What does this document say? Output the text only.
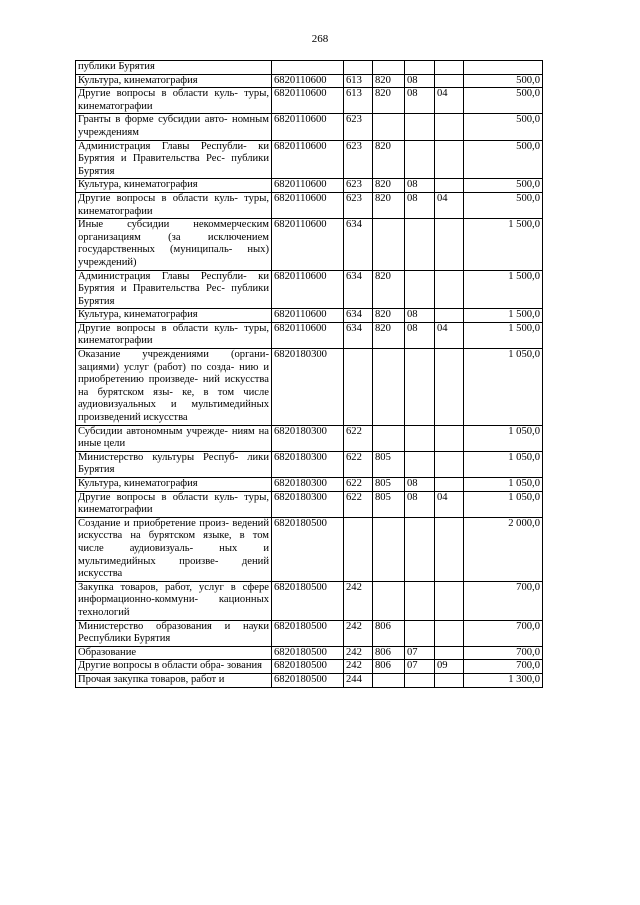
268
публики Бурятия						
Культура, кинематография	6820110600	613	820	08		500,0
Другие вопросы в области куль- туры, кинематографии	6820110600	613	820	08	04	500,0
Гранты в форме субсидии авто- номным учреждениям	6820110600	623				500,0
Администрация Главы Республи- ки Бурятия и Правительства Рес- публики Бурятия	6820110600	623	820			500,0
Культура, кинематография	6820110600	623	820	08		500,0
Другие вопросы в области куль- туры, кинематографии	6820110600	623	820	08	04	500,0
Иные субсидии некоммерческим организациям (за исключением государственных (муниципаль- ных) учреждений)	6820110600	634				1 500,0
Администрация Главы Республи- ки Бурятия и Правительства Рес- публики Бурятия	6820110600	634	820			1 500,0
Культура, кинематография	6820110600	634	820	08		1 500,0
Другие вопросы в области куль- туры, кинематографии	6820110600	634	820	08	04	1 500,0
Оказание учреждениями (органи- зациями) услуг (работ) по созда- нию и приобретению произведе- ний искусства на бурятском язы- ке, в том числе аудиовизуальных и мультимедийных произведений искусства	6820180300					1 050,0
Субсидии автономным учрежде- ниям на иные цели	6820180300	622				1 050,0
Министерство культуры Респуб- лики Бурятия	6820180300	622	805			1 050,0
Культура, кинематография	6820180300	622	805	08		1 050,0
Другие вопросы в области куль- туры, кинематографии	6820180300	622	805	08	04	1 050,0
Создание и приобретение произ- ведений искусства на бурятском языке, в том числе аудиовизуаль- ных и мультимедийных произве- дений искусства	6820180500					2 000,0
Закупка товаров, работ, услуг в сфере информационно-коммуни- кационных технологий	6820180500	242				700,0
Министерство образования и науки Республики Бурятия	6820180500	242	806			700,0
Образование	6820180500	242	806	07		700,0
Другие вопросы в области обра- зования	6820180500	242	806	07	09	700,0
Прочая закупка товаров, работ и	6820180500	244				1 300,0
